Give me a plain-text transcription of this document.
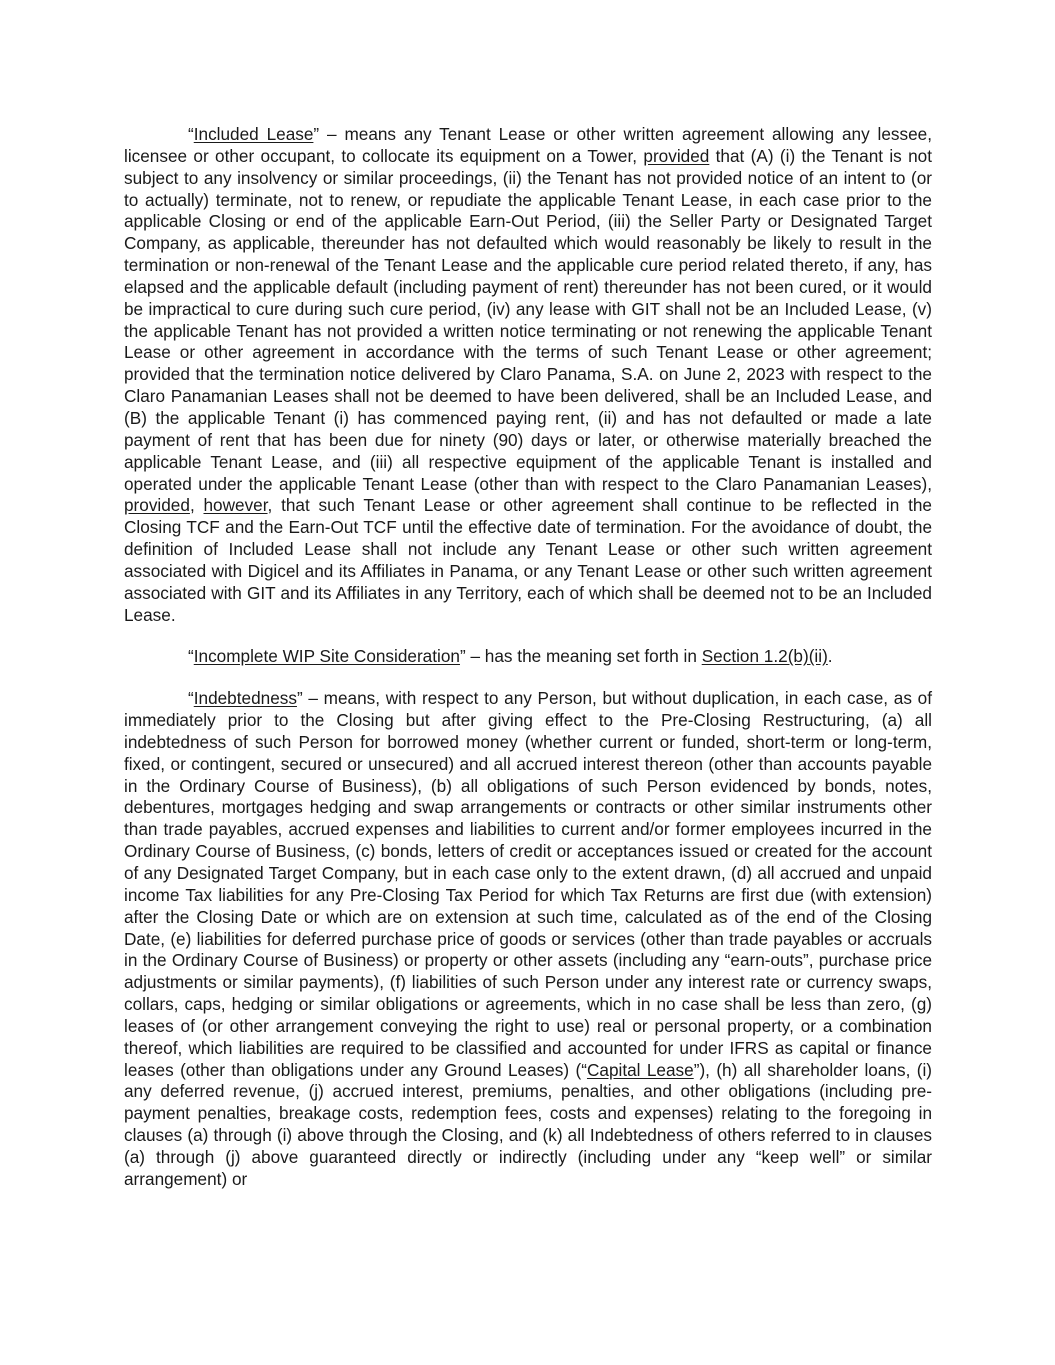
“Included Lease” – means any Tenant Lease or other written agreement allowing any lessee, licensee or other occupant, to collocate its equipment on a Tower, provided that (A) (i) the Tenant is not subject to any insolvency or similar proceedings, (ii) the Tenant has not provided notice of an intent to (or to actually) terminate, not to renew, or repudiate the applicable Tenant Lease, in each case prior to the applicable Closing or end of the applicable Earn-Out Period, (iii) the Seller Party or Designated Target Company, as applicable, thereunder has not defaulted which would reasonably be likely to result in the termination or non-renewal of the Tenant Lease and the applicable cure period related thereto, if any, has elapsed and the applicable default (including payment of rent) thereunder has not been cured, or it would be impractical to cure during such cure period, (iv) any lease with GIT shall not be an Included Lease, (v) the applicable Tenant has not provided a written notice terminating or not renewing the applicable Tenant Lease or other agreement in accordance with the terms of such Tenant Lease or other agreement; provided that the termination notice delivered by Claro Panama, S.A. on June 2, 2023 with respect to the Claro Panamanian Leases shall not be deemed to have been delivered, shall be an Included Lease, and (B) the applicable Tenant (i) has commenced paying rent, (ii) and has not defaulted or made a late payment of rent that has been due for ninety (90) days or later, or otherwise materially breached the applicable Tenant Lease, and (iii) all respective equipment of the applicable Tenant is installed and operated under the applicable Tenant Lease (other than with respect to the Claro Panamanian Leases), provided, however, that such Tenant Lease or other agreement shall continue to be reflected in the Closing TCF and the Earn-Out TCF until the effective date of termination. For the avoidance of doubt, the definition of Included Lease shall not include any Tenant Lease or other such written agreement associated with Digicel and its Affiliates in Panama, or any Tenant Lease or other such written agreement associated with GIT and its Affiliates in any Territory, each of which shall be deemed not to be an Included Lease.

“Incomplete WIP Site Consideration” – has the meaning set forth in Section 1.2(b)(ii).

“Indebtedness” – means, with respect to any Person, but without duplication, in each case, as of immediately prior to the Closing but after giving effect to the Pre-Closing Restructuring, (a) all indebtedness of such Person for borrowed money (whether current or funded, short-term or long-term, fixed, or contingent, secured or unsecured) and all accrued interest thereon (other than accounts payable in the Ordinary Course of Business), (b) all obligations of such Person evidenced by bonds, notes, debentures, mortgages hedging and swap arrangements or contracts or other similar instruments other than trade payables, accrued expenses and liabilities to current and/or former employees incurred in the Ordinary Course of Business, (c) bonds, letters of credit or acceptances issued or created for the account of any Designated Target Company, but in each case only to the extent drawn, (d) all accrued and unpaid income Tax liabilities for any Pre-Closing Tax Period for which Tax Returns are first due (with extension) after the Closing Date or which are on extension at such time, calculated as of the end of the Closing Date, (e) liabilities for deferred purchase price of goods or services (other than trade payables or accruals in the Ordinary Course of Business) or property or other assets (including any “earn-outs”, purchase price adjustments or similar payments), (f) liabilities of such Person under any interest rate or currency swaps, collars, caps, hedging or similar obligations or agreements, which in no case shall be less than zero, (g) leases of (or other arrangement conveying the right to use) real or personal property, or a combination thereof, which liabilities are required to be classified and accounted for under IFRS as capital or finance leases (other than obligations under any Ground Leases) (“Capital Lease”), (h) all shareholder loans, (i) any deferred revenue, (j) accrued interest, premiums, penalties, and other obligations (including pre-payment penalties, breakage costs, redemption fees, costs and expenses) relating to the foregoing in clauses (a) through (i) above through the Closing, and (k) all Indebtedness of others referred to in clauses (a) through (j) above guaranteed directly or indirectly (including under any “keep well” or similar arrangement) or
